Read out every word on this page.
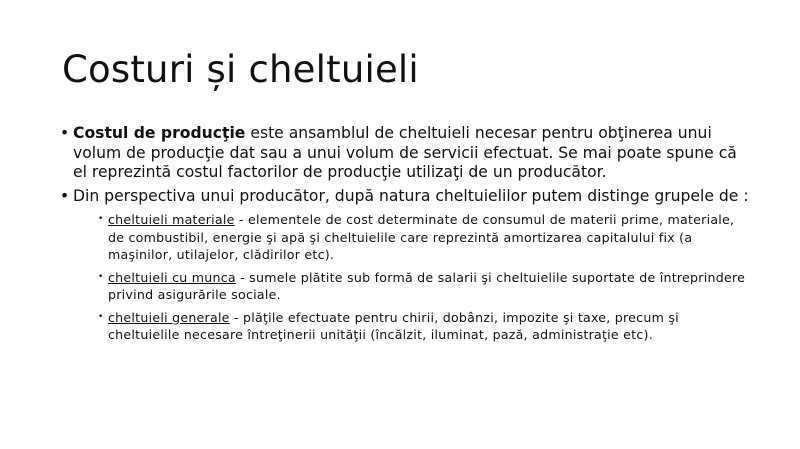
Costuri și cheltuieli
• Costul de producţie este ansamblul de cheltuieli necesar pentru obţinerea unui volum de producţie dat sau a unui volum de servicii efectuat. Se mai poate spune că el reprezintă costul factorilor de producţie utilizaţi de un producător.
• Din perspectiva unui producător, după natura cheltuielilor putem distinge grupele de :
• cheltuieli materiale - elementele de cost determinate de consumul de materii prime, materiale, de combustibil, energie şi apă şi cheltuielile care reprezintă amortizarea capitalului fix (a maşinilor, utilajelor, clădirilor etc).
• cheltuieli cu munca - sumele plătite sub formă de salarii şi cheltuielile suportate de întreprindere privind asigurările sociale.
• cheltuieli generale - plăţile efectuate pentru chirii, dobânzi, impozite şi taxe, precum şi cheltuielile necesare întreţinerii unităţii (încălzit, iluminat, pază, administraţie etc).
